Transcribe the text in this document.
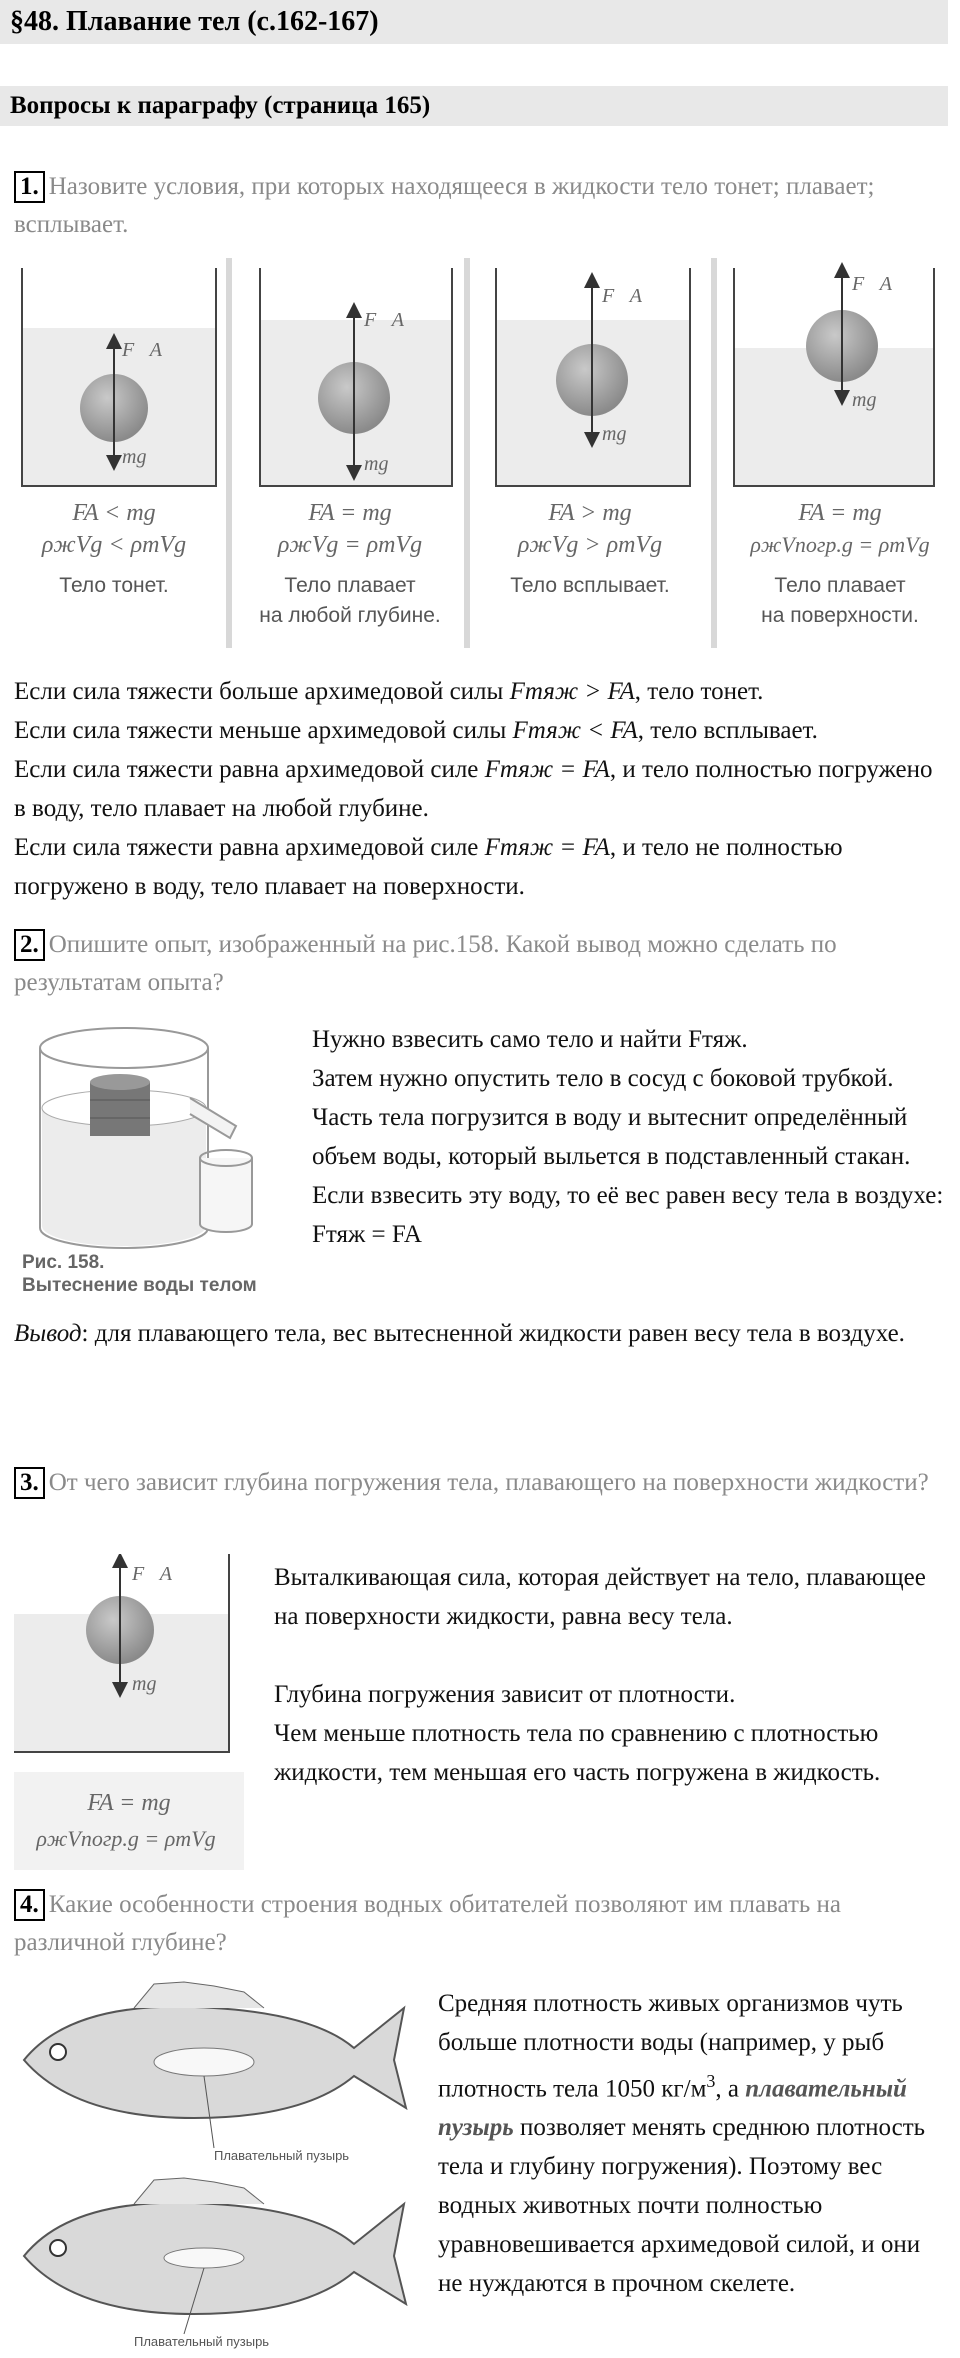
§48. Плавание тел (с.162-167)
Вопросы к параграфу (страница 165)
1. Назовите условия, при которых находящееся в жидкости тело тонет; плавает; всплывает.
F⃗A
mg⃗
FA < mg
ρжVg < ρтVg
Тело тонет.
F⃗A
mg⃗
FA = mg
ρжVg = ρтVg
Тело плавает
на любой глубине.
F⃗A
mg⃗
FA > mg
ρжVg > ρтVg
Тело всплывает.
F⃗A
mg⃗
FA = mg
ρжVпогр.g = ρтVg
Тело плавает
на поверхности.

Если сила тяжести больше архимедовой силы Fтяж > FA, тело тонет.

Если сила тяжести меньше архимедовой силы Fтяж < FA, тело всплывает.

Если сила тяжести равна архимедовой силе Fтяж = FA, и тело полностью погружено в воду, тело плавает на любой глубине.

Если сила тяжести равна архимедовой силе Fтяж = FA, и тело не полностью погружено в воду, тело плавает на поверхности.

2. Опишите опыт, изображенный на рис.158. Какой вывод можно сделать по результатам опыта?
Рис. 158.
Вытеснение воды телом

Нужно взвесить само тело и найти Fтяж.

Затем нужно опустить тело в сосуд с боковой трубкой. Часть тела погрузится в воду и вытеснит определённый объем воды, который выльется в подставленный стакан.

Если взвесить эту воду, то её вес равен весу тела в воздухе: Fтяж = FA

Вывод: для плавающего тела, вес вытесненной жидкости равен весу тела в воздухе.
3. От чего зависит глубина погружения тела, плавающего на поверхности жидкости?
F⃗A
mg⃗
FA = mg
ρжVпогр.g = ρтVg

Выталкивающая сила, которая действует на тело, плавающее на поверхности жидкости, равна весу тела.

Глубина погружения зависит от плотности.

Чем меньше плотность тела по сравнению с плотностью жидкости, тем меньшая его часть погружена в жидкость.

4. Какие особенности строения водных обитателей позволяют им плавать на различной глубине?
Плавательный пузырь
Плавательный пузырь
Средняя плотность живых организмов чуть больше плотности воды (например, у рыб плотность тела 1050 $кг/м^3$, а плавательный пузырь позволяет менять среднюю плотность тела и глубину погружения). Поэтому вес водных животных почти полностью уравновешивается архимедовой силой, и они не нуждаются в прочном скелете.
